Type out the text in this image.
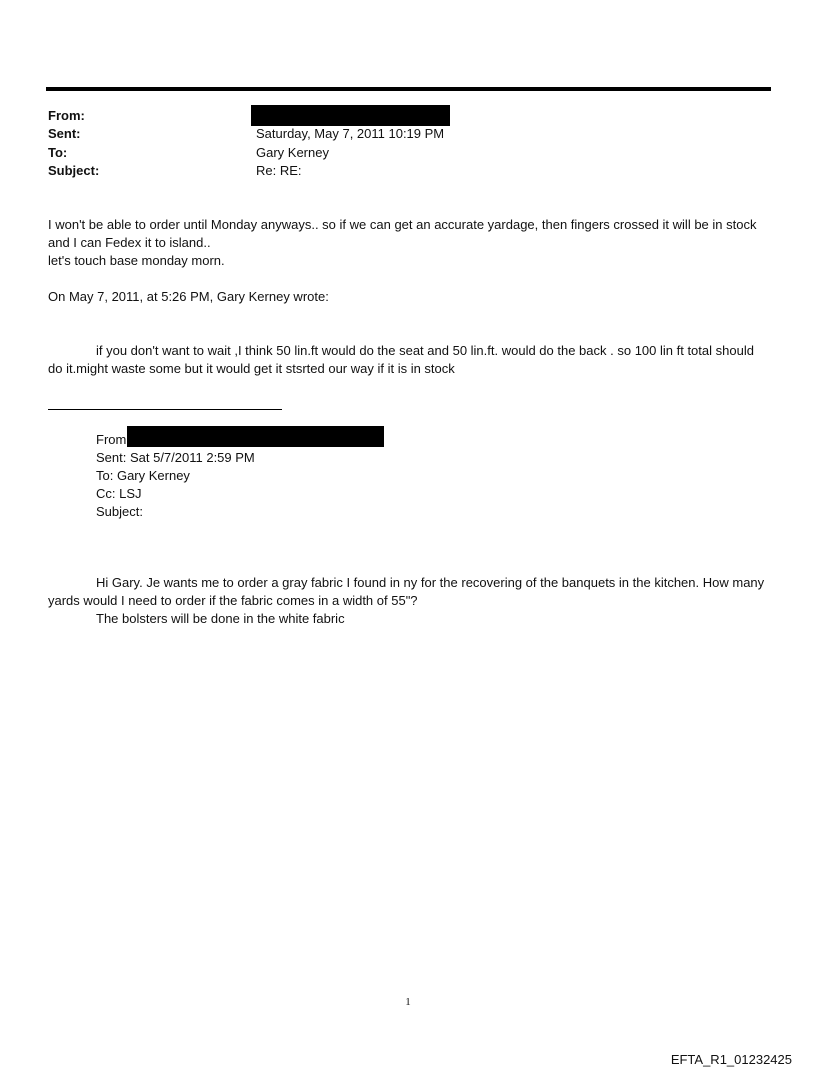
From:
Sent:	Saturday, May 7, 2011 10:19 PM
To:	Gary Kerney
Subject:	Re: RE:
I won't be able to order until Monday anyways.. so if we can get an accurate yardage, then fingers crossed it will be in stock and I can Fedex it to island..
let's touch base monday morn.
On May 7, 2011, at 5:26 PM, Gary Kerney wrote:
if you don't want to wait ,I think 50 lin.ft would do the seat and 50 lin.ft. would do the back . so 100 lin ft total should do it.might waste some but it would get it stsrted our way if it is in stock
From
Sent: Sat 5/7/2011 2:59 PM
To: Gary Kerney
Cc: LSJ
Subject:
Hi Gary. Je wants me to order a gray fabric I found in ny for the recovering of the banquets in the kitchen. How many yards would I need to order if the fabric comes in a width of 55"?
The bolsters will be done in the white fabric
1
EFTA_R1_01232425
